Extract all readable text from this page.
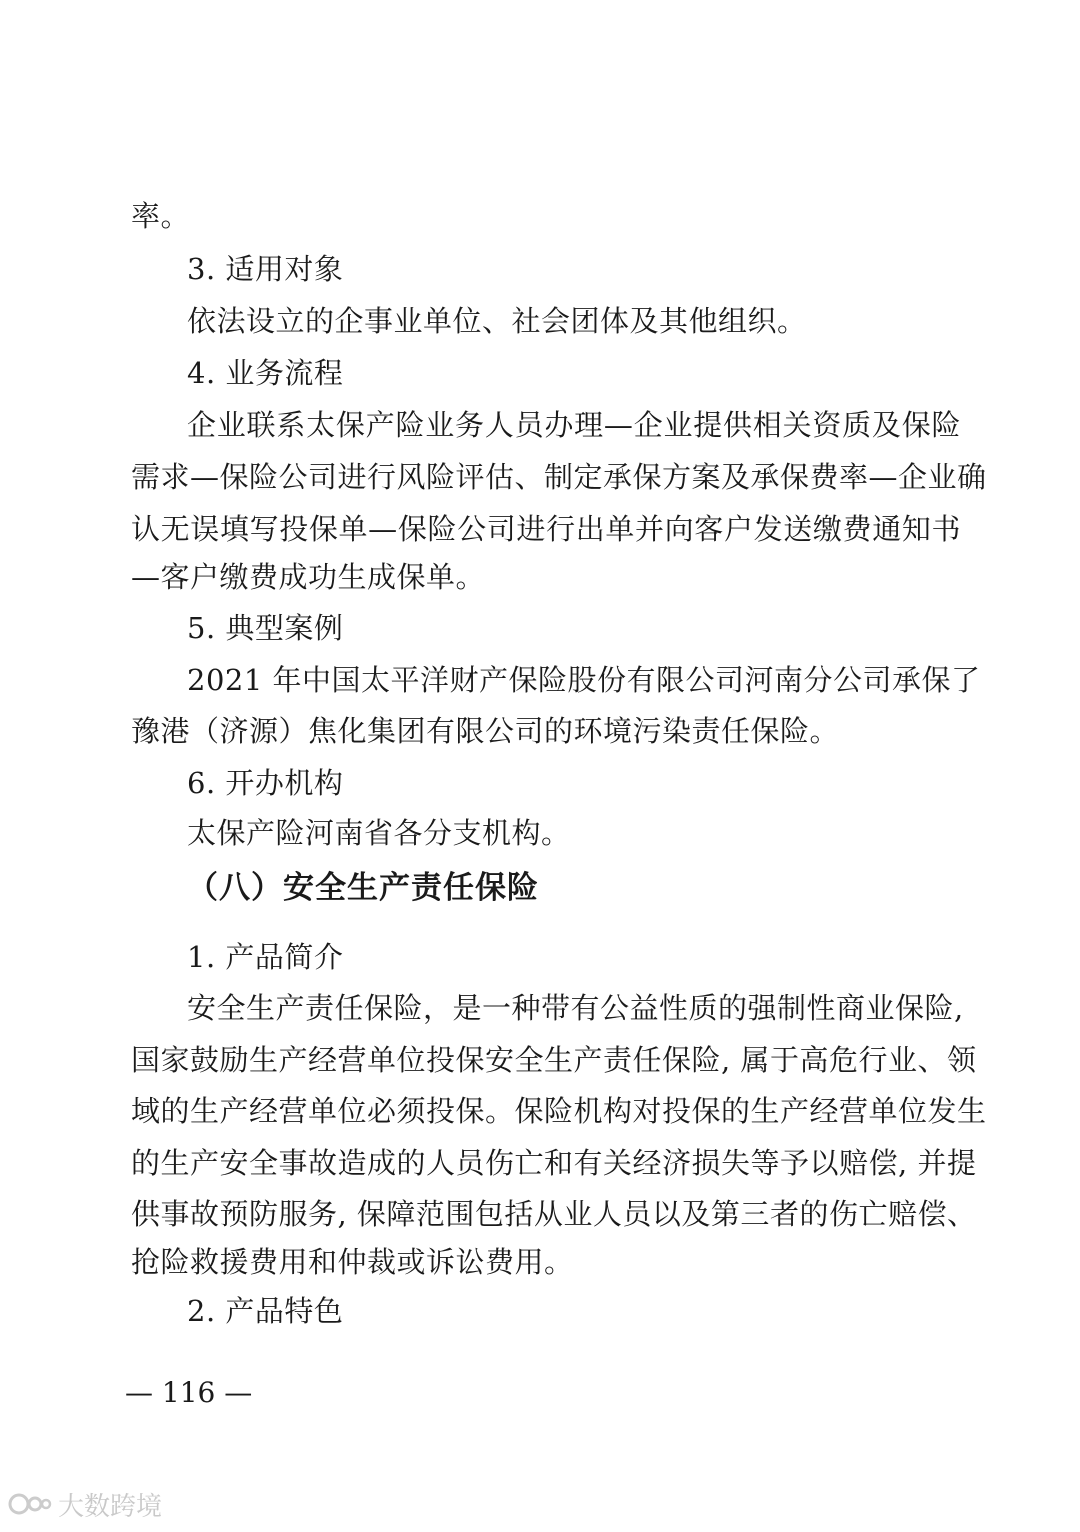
率。
3. 适用对象
依法设立的企事业单位、社会团体及其他组织。
4. 业务流程
企业联系太保产险业务人员办理—企业提供相关资质及保险
需求—保险公司进行风险评估、制定承保方案及承保费率—企业确
认无误填写投保单—保险公司进行出单并向客户发送缴费通知书
—客户缴费成功生成保单。
5. 典型案例
2021 年中国太平洋财产保险股份有限公司河南分公司承保了
豫港（济源）焦化集团有限公司的环境污染责任保险。
6. 开办机构
太保产险河南省各分支机构。
（八）安全生产责任保险
1. 产品简介
安全生产责任保险，是一种带有公益性质的强制性商业保险,
国家鼓励生产经营单位投保安全生产责任保险, 属于高危行业、领
域的生产经营单位必须投保。保险机构对投保的生产经营单位发生
的生产安全事故造成的人员伤亡和有关经济损失等予以赔偿, 并提
供事故预防服务, 保障范围包括从业人员以及第三者的伤亡赔偿、
抢险救援费用和仲裁或诉讼费用。
2. 产品特色
— 116 —
大数跨境
